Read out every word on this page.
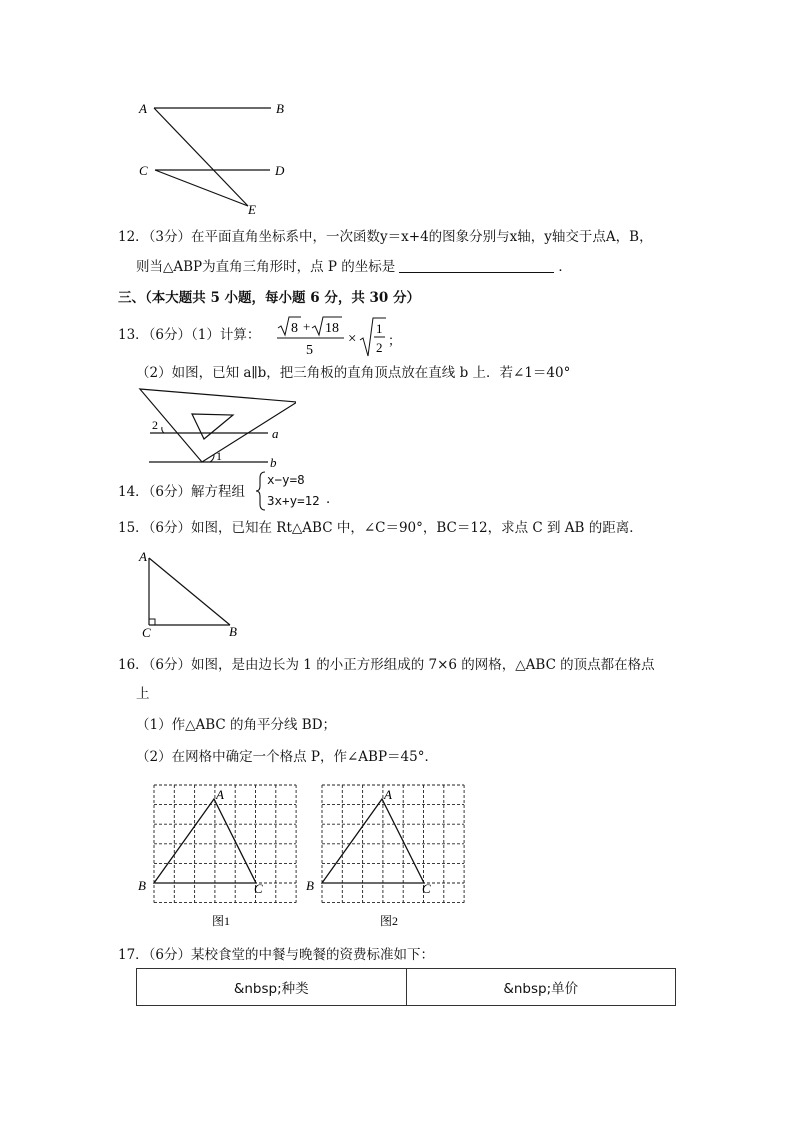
A	B
C	D
E
12．（3分）在平面直角坐标系中，一次函数y＝x+4的图象分别与x轴，y轴交于点A，B，
则当△ABP为直角三角形时，点 P 的坐标是	．
三、（本大题共 5 小题，每小题 6 分，共 30 分）
13．（6分）（1）计算： 8 + 18
5
×
1
2 ；
（2）如图，已知 a∥b，把三角板的直角顶点放在直线 b 上．若∠1＝40°
2
1
a
b
14．（6分）解方程组
x−y=8
3x+y=12 ．
15．（6分）如图，已知在 Rt△ABC 中，∠C＝90°，BC＝12，求点 C 到 AB 的距离．
A
C	B
16．（6分）如图，是由边长为 1 的小正方形组成的 7×6 的网格，△ABC 的顶点都在格点
上
（1）作△ABC 的角平分线 BD；
（2）在网格中确定一个格点 P，作∠ABP＝45°．
A
B	C
图1
A
B	C
图2
17．（6分）某校食堂的中餐与晚餐的资费标准如下：
&nbsp;种类	&nbsp;单价
